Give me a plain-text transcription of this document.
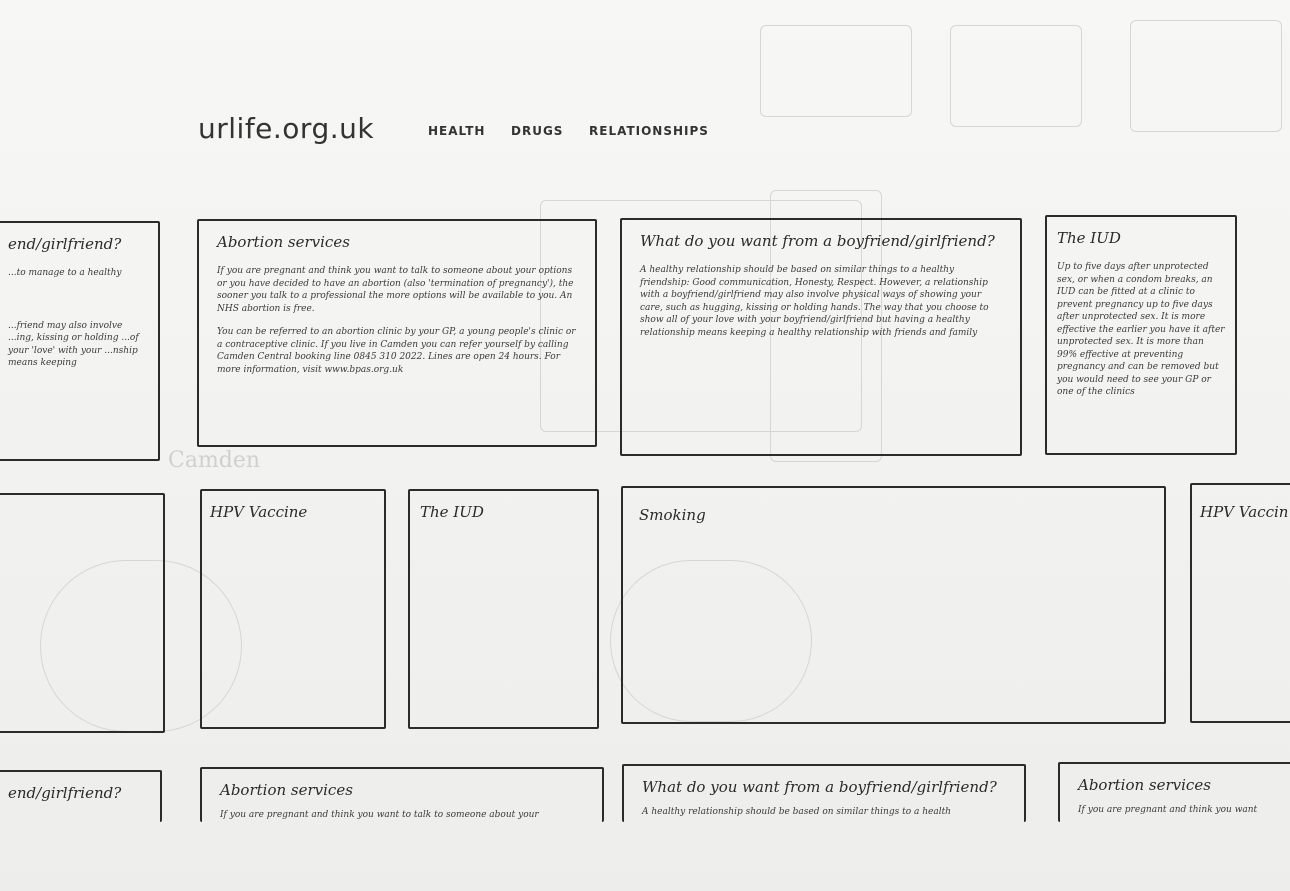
Camden
urlife.org.uk	HEALTH DRUGS RELATIONSHIPS
end/girlfriend?

...to manage to a healthy

...friend may also involve ...ing, kissing or holding ...of your 'love' with your ...nship means keeping

Abortion services

If you are pregnant and think you want to talk to someone about your options or you have decided to have an abortion (also 'termination of pregnancy'), the sooner you talk to a professional the more options will be available to you. An NHS abortion is free.

You can be referred to an abortion clinic by your GP, a young people's clinic or a contraceptive clinic. If you live in Camden you can refer yourself by calling Camden Central booking line 0845 310 2022. Lines are open 24 hours. For more information, visit www.bpas.org.uk

What do you want from a boyfriend/girlfriend?

A healthy relationship should be based on similar things to a healthy friendship: Good communication, Honesty, Respect. However, a relationship with a boyfriend/girlfriend may also involve physical ways of showing your care, such as hugging, kissing or holding hands. The way that you choose to show all of your love with your boyfriend/girlfriend but having a healthy relationship means keeping a healthy relationship with friends and family

The IUD

Up to five days after unprotected sex, or when a condom breaks, an IUD can be fitted at a clinic to prevent pregnancy up to five days after unprotected sex. It is more effective the earlier you have it after unprotected sex. It is more than 99% effective at preventing pregnancy and can be removed but you would need to see your GP or one of the clinics

HPV Vaccine	The IUD	Smoking	HPV Vaccin
end/girlfriend?	Abortion services
If you are pregnant and think you want to talk to someone about your
What do you want from a boyfriend/girlfriend?
A healthy relationship should be based on similar things to a health
Abortion services
If you are pregnant and think you want
